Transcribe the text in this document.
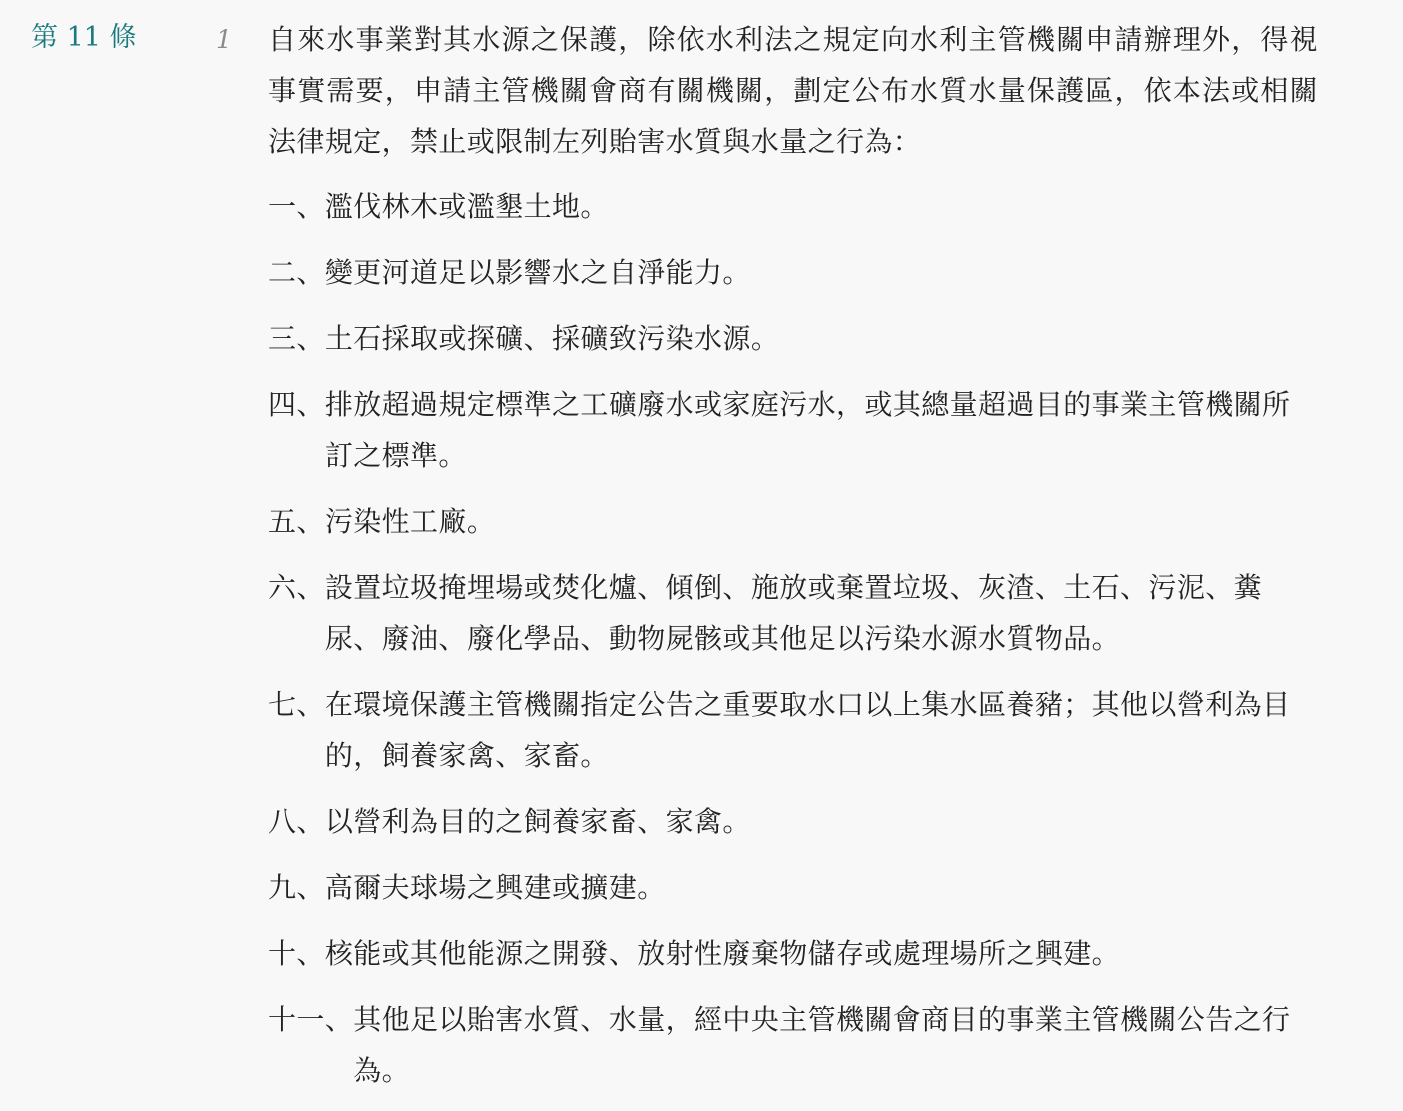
第 11 條	1 自來水事業對其水源之保護，除依水利法之規定向水利主管機關申請辦理外，得視事實需要，申請主管機關會商有關機關，劃定公布水質水量保護區，依本法或相關法律規定，禁止或限制左列貽害水質與水量之行為：

一、 濫伐林木或濫墾土地。
二、 變更河道足以影響水之自淨能力。
三、 土石採取或探礦、採礦致污染水源。
四、 排放超過規定標準之工礦廢水或家庭污水，或其總量超過目的事業主管機關所訂之標準。
五、 污染性工廠。
六、 設置垃圾掩埋場或焚化爐、傾倒、施放或棄置垃圾、灰渣、土石、污泥、糞尿、廢油、廢化學品、動物屍骸或其他足以污染水源水質物品。
七、 在環境保護主管機關指定公告之重要取水口以上集水區養豬；其他以營利為目的，飼養家禽、家畜。
八、 以營利為目的之飼養家畜、家禽。
九、 高爾夫球場之興建或擴建。
十、 核能或其他能源之開發、放射性廢棄物儲存或處理場所之興建。
十一、 其他足以貽害水質、水量，經中央主管機關會商目的事業主管機關公告之行為。
